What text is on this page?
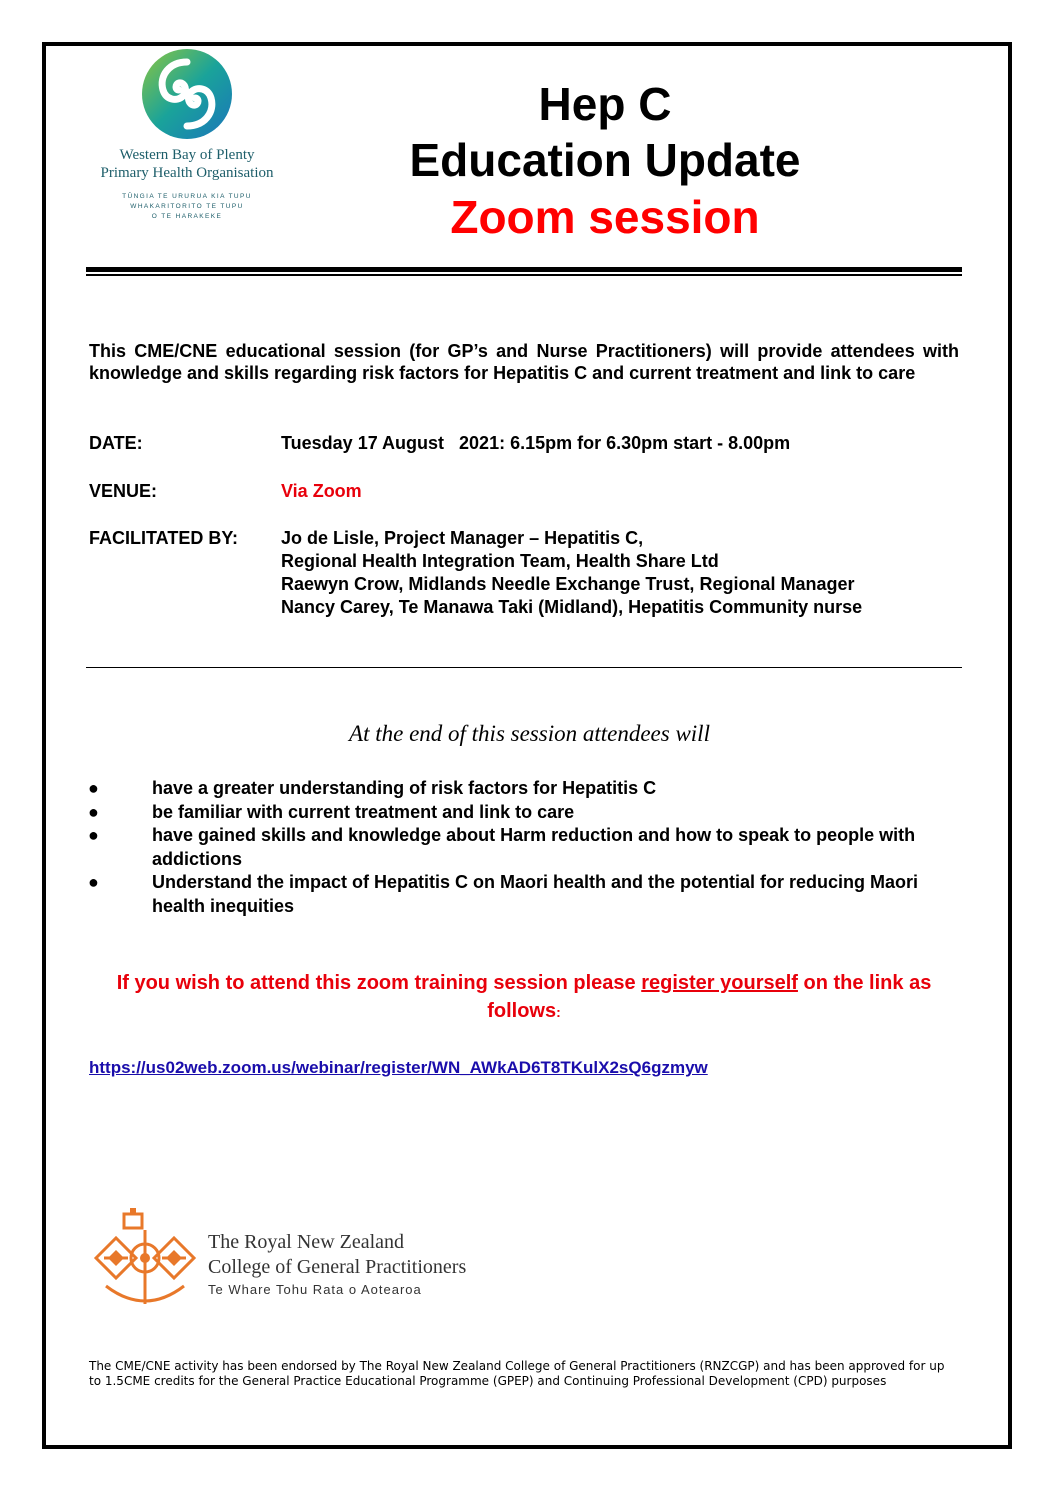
Western Bay of Plenty
Primary Health Organisation
TŪNGIA TE URURUA KIA TUPU
WHAKARITORITO TE TUPU
O TE HARAKEKE
Hep C
Education Update
Zoom session
This CME/CNE educational session (for GP’s and Nurse Practitioners) will provide attendees with knowledge and skills regarding risk factors for Hepatitis C and current treatment and link to care
DATE:	Tuesday 17 August   2021: 6.15pm for 6.30pm start - 8.00pm
VENUE:	Via Zoom
FACILITATED BY: Jo de Lisle, Project Manager – Hepatitis C,
Regional Health Integration Team, Health Share Ltd
Raewyn Crow, Midlands Needle Exchange Trust, Regional Manager
Nancy Carey, Te Manawa Taki (Midland), Hepatitis Community nurse
At the end of this session attendees will
●	have a greater understanding of risk factors for Hepatitis C
●	be familiar with current treatment and link to care
●	have gained skills and knowledge about Harm reduction and how to speak to people with addictions
●	Understand the impact of Hepatitis C on Maori health and the potential for reducing Maori health inequities
If you wish to attend this zoom training session please register yourself on the link as follows:
https://us02web.zoom.us/webinar/register/WN_AWkAD6T8TKulX2sQ6gzmyw
The Royal New Zealand
College of General Practitioners
Te Whare Tohu Rata o Aotearoa
The CME/CNE activity has been endorsed by The Royal New Zealand College of General Practitioners (RNZCGP) and has been approved for up to 1.5CME credits for the General Practice Educational Programme (GPEP) and Continuing Professional Development (CPD) purposes
